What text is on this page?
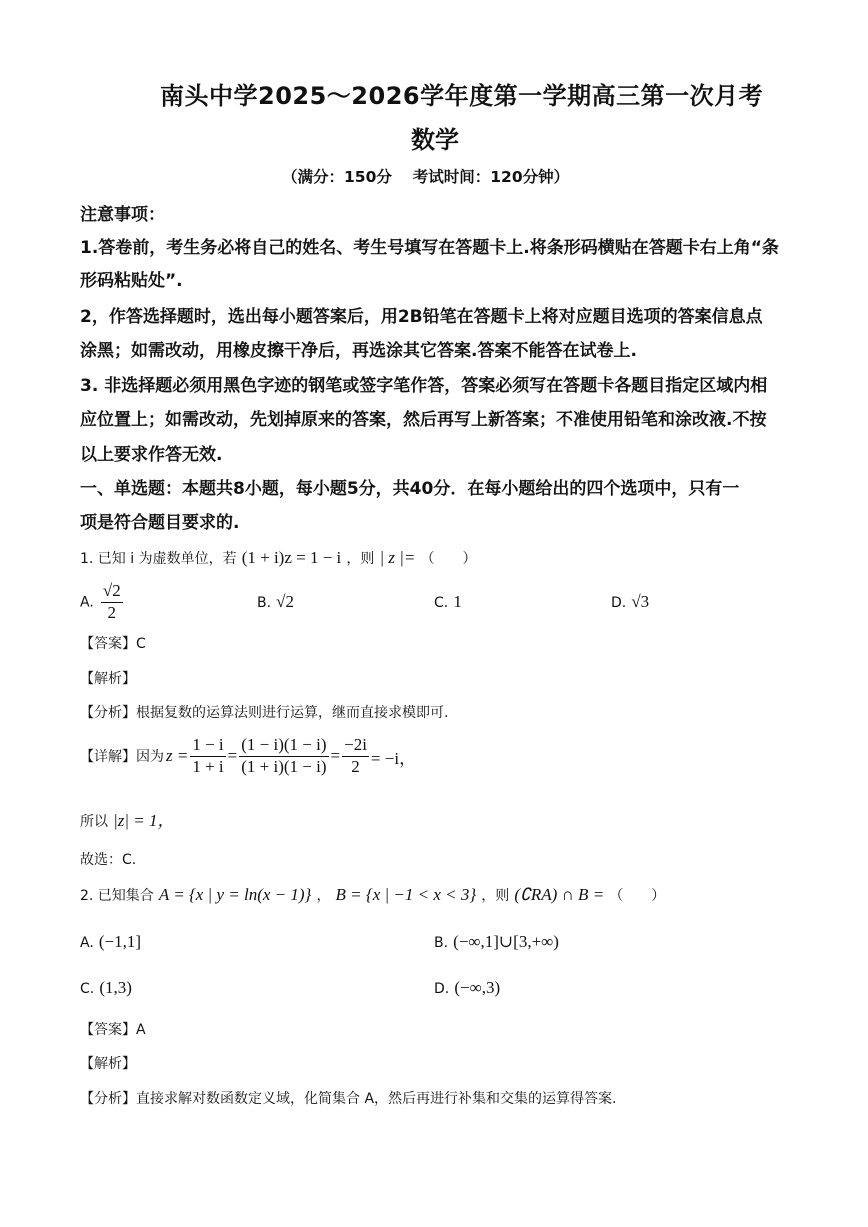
南头中学2025～2026学年度第一学期高三第一次月考
数学
（满分：150分　 考试时间：120分钟）
注意事项：
1.答卷前，考生务必将自己的姓名、考生号填写在答题卡上.将条形码横贴在答题卡右上角“条
形码粘贴处”.
2，作答选择题时，选出每小题答案后，用2B铅笔在答题卡上将对应题目选项的答案信息点
涂黑；如需改动，用橡皮擦干净后，再选涂其它答案.答案不能答在试卷上.
3. 非选择题必须用黑色字迹的钢笔或签字笔作答，答案必须写在答题卡各题目指定区域内相
应位置上；如需改动，先划掉原来的答案，然后再写上新答案；不准使用铅笔和涂改液.不按
以上要求作答无效.
一、单选题：本题共8小题，每小题5分，共40分．在每小题给出的四个选项中，只有一
项是符合题目要求的.
1. 已知 i 为虚数单位，若 (1 + i)z = 1 − i ，则 | z |= （　　）
A. $\frac{√2}{2}$	B. √2	C. 1	D. √3
【答案】C
【解析】
【分析】根据复数的运算法则进行运算，继而直接求模即可.
【详解】因为 $z = \frac{1 - i}{1 + i} = \frac{(1 - i)(1 - i)}{(1 + i)(1 - i)} = \frac{-2i}{2} = -i$，
所以 |z| = 1，
故选：C.
2. 已知集合 A = {x | y = ln(x − 1)} ， B = {x | −1 < x < 3} ，则 (∁RA) ∩ B = （　　）
A. (−1,1]	B. (−∞,1]∪[3,+∞)
C. (1,3)	D. (−∞,3)
【答案】A
【解析】
【分析】直接求解对数函数定义域，化简集合 A，然后再进行补集和交集的运算得答案.
